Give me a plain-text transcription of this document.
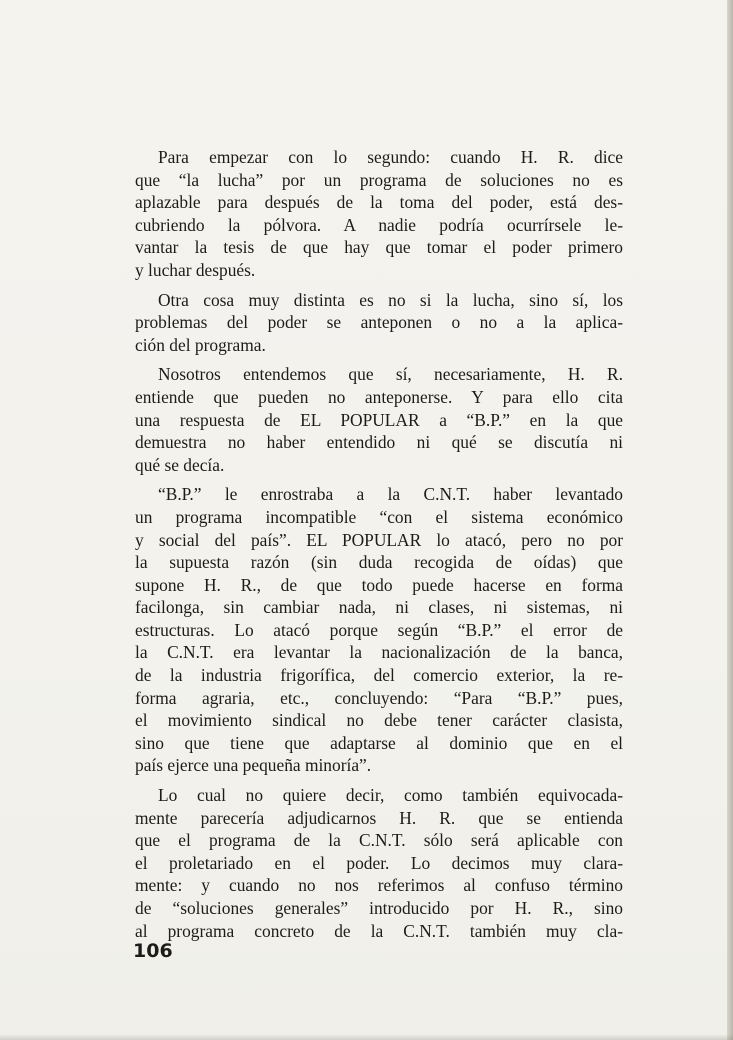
Para empezar con lo segundo: cuando H. R. dice
que “la lucha” por un programa de soluciones no es
aplazable para después de la toma del poder, está des-
cubriendo la pólvora. A nadie podría ocurrírsele le-
vantar la tesis de que hay que tomar el poder primero
y luchar después.

Otra cosa muy distinta es no si la lucha, sino sí, los
problemas del poder se anteponen o no a la aplica-
ción del programa.

Nosotros entendemos que sí, necesariamente, H. R.
entiende que pueden no anteponerse. Y para ello cita
una respuesta de EL POPULAR a “B.P.” en la que
demuestra no haber entendido ni qué se discutía ni
qué se decía.

“B.P.” le enrostraba a la C.N.T. haber levantado
un programa incompatible “con el sistema económico
y social del país”. EL POPULAR lo atacó, pero no por
la supuesta razón (sin duda recogida de oídas) que
supone H. R., de que todo puede hacerse en forma
facilonga, sin cambiar nada, ni clases, ni sistemas, ni
estructuras. Lo atacó porque según “B.P.” el error de
la C.N.T. era levantar la nacionalización de la banca,
de la industria frigorífica, del comercio exterior, la re-
forma agraria, etc., concluyendo: “Para “B.P.” pues,
el movimiento sindical no debe tener carácter clasista,
sino que tiene que adaptarse al dominio que en el
país ejerce una pequeña minoría”.

Lo cual no quiere decir, como también equivocada-
mente parecería adjudicarnos H. R. que se entienda
que el programa de la C.N.T. sólo será aplicable con
el proletariado en el poder. Lo decimos muy clara-
mente: y cuando no nos referimos al confuso término
de “soluciones generales” introducido por H. R., sino
al programa concreto de la C.N.T. también muy cla-

106
